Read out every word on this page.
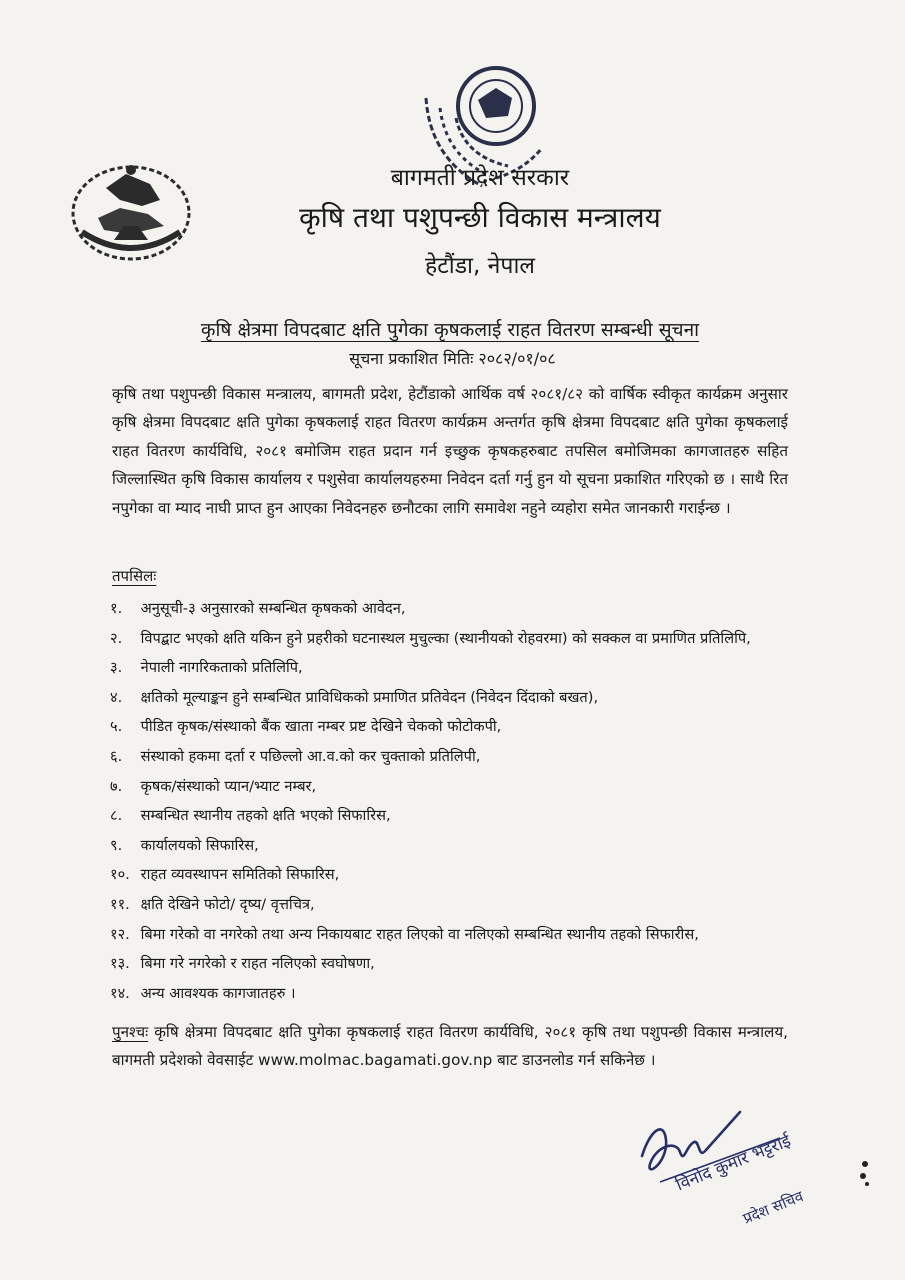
बागमती प्रदेश सरकार
कृषि तथा पशुपन्छी विकास मन्त्रालय
हेटौंडा, नेपाल
कृषि क्षेत्रमा विपदबाट क्षति पुगेका कृषकलाई राहत वितरण सम्बन्धी सूचना
सूचना प्रकाशित मितिः २०८२/०१/०८
कृषि तथा पशुपन्छी विकास मन्त्रालय, बागमती प्रदेश, हेटौंडाको आर्थिक वर्ष २०८१/८२ को वार्षिक स्वीकृत कार्यक्रम अनुसार कृषि क्षेत्रमा विपदबाट क्षति पुगेका कृषकलाई राहत वितरण कार्यक्रम अन्तर्गत कृषि क्षेत्रमा विपदबाट क्षति पुगेका कृषकलाई राहत वितरण कार्यविधि, २०८१ बमोजिम राहत प्रदान गर्न इच्छुक कृषकहरुबाट तपसिल बमोजिमका कागजातहरु सहित जिल्लास्थित कृषि विकास कार्यालय र पशुसेवा कार्यालयहरुमा निवेदन दर्ता गर्नु हुन यो सूचना प्रकाशित गरिएको छ । साथै रित नपुगेका वा म्याद नाघी प्राप्त हुन आएका निवेदनहरु छनौटका लागि समावेश नहुने व्यहोरा समेत जानकारी गराईन्छ ।
तपसिलः
१. अनुसूची-३ अनुसारको सम्बन्धित कृषकको आवेदन,
२. विपद्बाट भएको क्षति यकिन हुने प्रहरीको घटनास्थल मुचुल्का (स्थानीयको रोहवरमा) को सक्कल वा प्रमाणित प्रतिलिपि,
३. नेपाली नागरिकताको प्रतिलिपि,
४. क्षतिको मूल्याङ्कन हुने सम्बन्धित प्राविधिकको प्रमाणित प्रतिवेदन (निवेदन दिंदाको बखत),
५. पीडित कृषक/संस्थाको बैंक खाता नम्बर प्रष्ट देखिने चेकको फोटोकपी,
६. संस्थाको हकमा दर्ता र पछिल्लो आ.व.को कर चुक्ताको प्रतिलिपी,
७. कृषक/संस्थाको प्यान/भ्याट नम्बर,
८. सम्बन्धित स्थानीय तहको क्षति भएको सिफारिस,
९. कार्यालयको सिफारिस,
१०. राहत व्यवस्थापन समितिको सिफारिस,
११. क्षति देखिने फोटो/ दृष्य/ वृत्तचित्र,
१२. बिमा गरेको वा नगरेको तथा अन्य निकायबाट राहत लिएको वा नलिएको सम्बन्धित स्थानीय तहको सिफारीस,
१३. बिमा गरे नगरेको र राहत नलिएको स्वघोषणा,
१४. अन्य आवश्यक कागजातहरु ।
पुनश्चः कृषि क्षेत्रमा विपदबाट क्षति पुगेका कृषकलाई राहत वितरण कार्यविधि, २०८१ कृषि तथा पशुपन्छी विकास मन्त्रालय, बागमती प्रदेशको वेवसाईट www.molmac.bagamati.gov.np बाट डाउनलोड गर्न सकिनेछ ।
विनोद कुमार भट्टराई
प्रदेश सचिव
